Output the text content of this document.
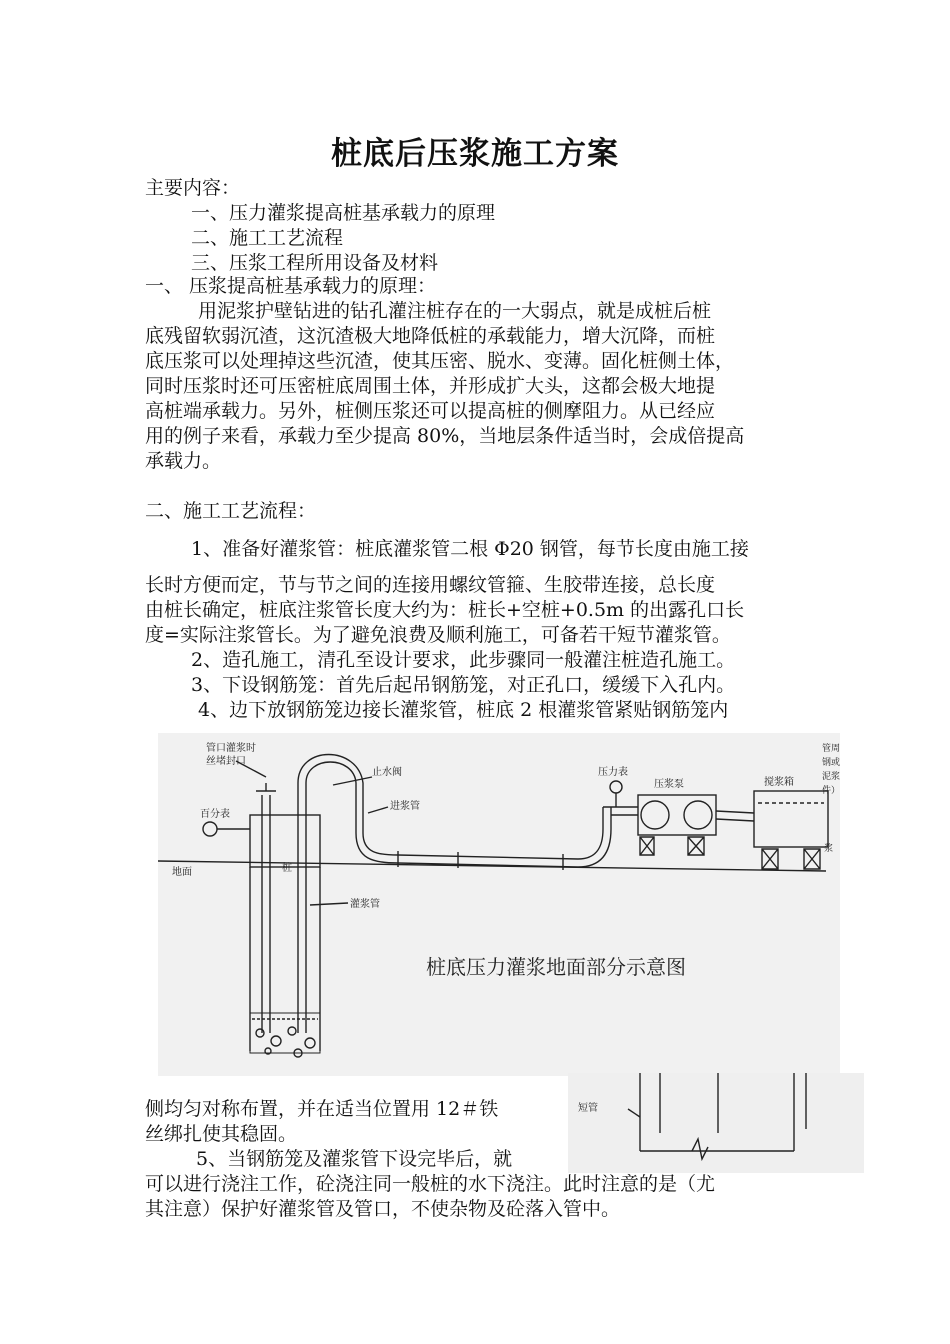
桩底后压浆施工方案
主要内容：
一、压力灌浆提高桩基承载力的原理
二、施工工艺流程
三、压浆工程所用设备及材料
一、 压浆提高桩基承载力的原理：
用泥浆护壁钻进的钻孔灌注桩存在的一大弱点，就是成桩后桩
底残留软弱沉渣，这沉渣极大地降低桩的承载能力，增大沉降，而桩
底压浆可以处理掉这些沉渣，使其压密、脱水、变薄。固化桩侧土体，
同时压浆时还可压密桩底周围土体，并形成扩大头，这都会极大地提
高桩端承载力。另外，桩侧压浆还可以提高桩的侧摩阻力。从已经应
用的例子来看，承载力至少提高 80%，当地层条件适当时，会成倍提高
承载力。
二、施工工艺流程：
1、准备好灌浆管：桩底灌浆管二根 Φ20 钢管，每节长度由施工接
长时方便而定，节与节之间的连接用螺纹管箍、生胶带连接，总长度
由桩长确定，桩底注浆管长度大约为：桩长+空桩+0.5m 的出露孔口长
度=实际注浆管长。为了避免浪费及顺利施工，可备若干短节灌浆管。
2、造孔施工，清孔至设计要求，此步骤同一般灌注桩造孔施工。
3、下设钢筋笼：首先后起吊钢筋笼，对正孔口，缓缓下入孔内。
4、边下放钢筋笼边接长灌浆管，桩底 2 根灌浆管紧贴钢筋笼内
管口灌浆时
丝堵封口
百分表
地面	桩
灌浆管
止水阀
进浆管
压力表
压浆泵	搅浆箱
管周
钢或
泥浆
件）
浆
桩底压力灌浆地面部分示意图
短管
侧均匀对称布置，并在适当位置用 12＃铁
丝绑扎使其稳固。
5、当钢筋笼及灌浆管下设完毕后，就
可以进行浇注工作，砼浇注同一般桩的水下浇注。此时注意的是（尤
其注意）保护好灌浆管及管口，不使杂物及砼落入管中。
